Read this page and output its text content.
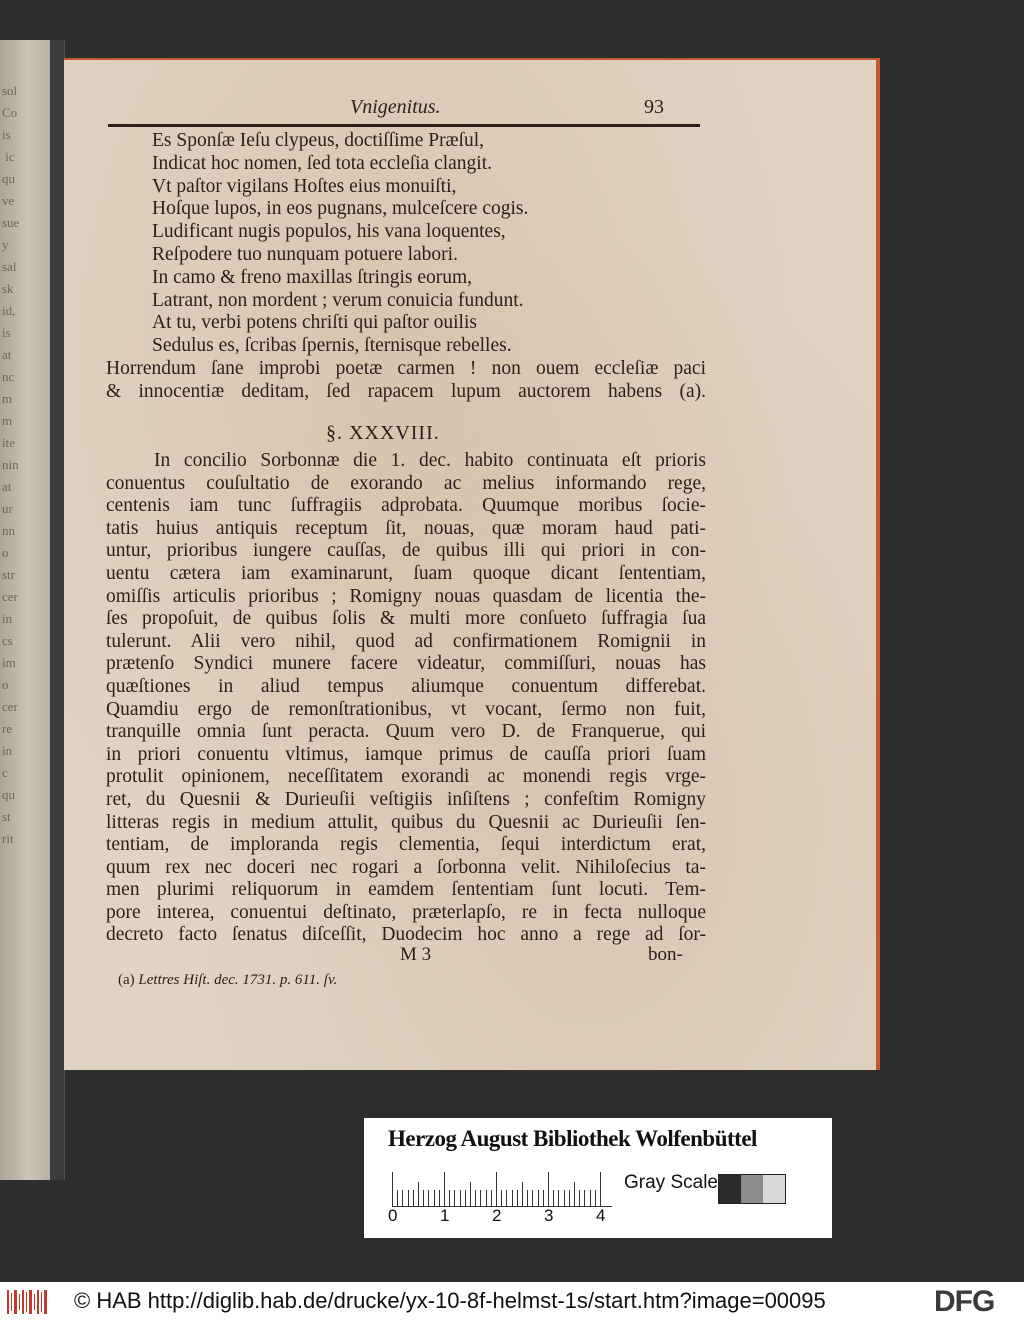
sol
Co
is
ic
qu
ve
sue
y
sal
sk
id,
is
at
nc
m
m
ite
nin
at
ur
nn
o
str
cer
in
cs
im
o
cer
re
in
c
qu
st
rit
Vnigenitus.	93
Es Sponſæ Ieſu clypeus, doctiſſime Præſul,
Indicat hoc nomen, ſed tota eccleſia clangit.
Vt paſtor vigilans Hoſtes eius monuiſti,
Hoſque lupos, in eos pugnans, mulceſcere cogis.
Ludificant nugis populos, his vana loquentes,
Reſpodere tuo nunquam potuere labori.
In camo & freno maxillas ſtringis eorum,
Latrant, non mordent ; verum conuicia fundunt.
At tu, verbi potens chriſti qui paſtor ouilis
Sedulus es, ſcribas ſpernis, ſternisque rebelles.
Horrendum ſane improbi poetæ carmen ! non ouem eccleſiæ paci
& innocentiæ deditam, ſed rapacem lupum auctorem habens (a).
§. XXXVIII.
In concilio Sorbonnæ die 1. dec. habito continuata eſt prioris
conuentus couſultatio de exorando ac melius informando rege,
centenis iam tunc ſuffragiis adprobata. Quumque moribus ſocie-
tatis huius antiquis receptum ſit, nouas, quæ moram haud pati-
untur, prioribus iungere cauſſas, de quibus illi qui priori in con-
uentu cætera iam examinarunt, ſuam quoque dicant ſententiam,
omiſſis articulis prioribus ; Romigny nouas quasdam de licentia the-
ſes propoſuit, de quibus ſolis & multi more conſueto ſuffragia ſua
tulerunt. Alii vero nihil, quod ad confirmationem Romignii in
prætenſo Syndici munere facere videatur, commiſſuri, nouas has
quæſtiones in aliud tempus aliumque conuentum differebat.
Quamdiu ergo de remonſtrationibus, vt vocant, ſermo non fuit,
tranquille omnia ſunt peracta. Quum vero D. de Franquerue, qui
in priori conuentu vltimus, iamque primus de cauſſa priori ſuam
protulit opinionem, neceſſitatem exorandi ac monendi regis vrge-
ret, du Quesnii & Durieuſii veſtigiis inſiſtens ; confeſtim Romigny
litteras regis in medium attulit, quibus du Quesnii ac Durieuſii ſen-
tentiam, de imploranda regis clementia, ſequi interdictum erat,
quum rex nec doceri nec rogari a ſorbonna velit. Nihiloſecius ta-
men plurimi reliquorum in eamdem ſententiam ſunt locuti. Tem-
pore interea, conuentui deſtinato, præterlapſo, re in fecta nulloque
decreto facto ſenatus diſceſſit, Duodecim hoc anno a rege ad ſor-
M 3	bon-
(a) Lettres Hiſt. dec. 1731. p. 611. ſv.
Herzog August Bibliothek Wolfenbüttel
Gray Scale
0	1	2	3	4
© HAB http://diglib.hab.de/drucke/yx-10-8f-helmst-1s/start.htm?image=00095	DFG
